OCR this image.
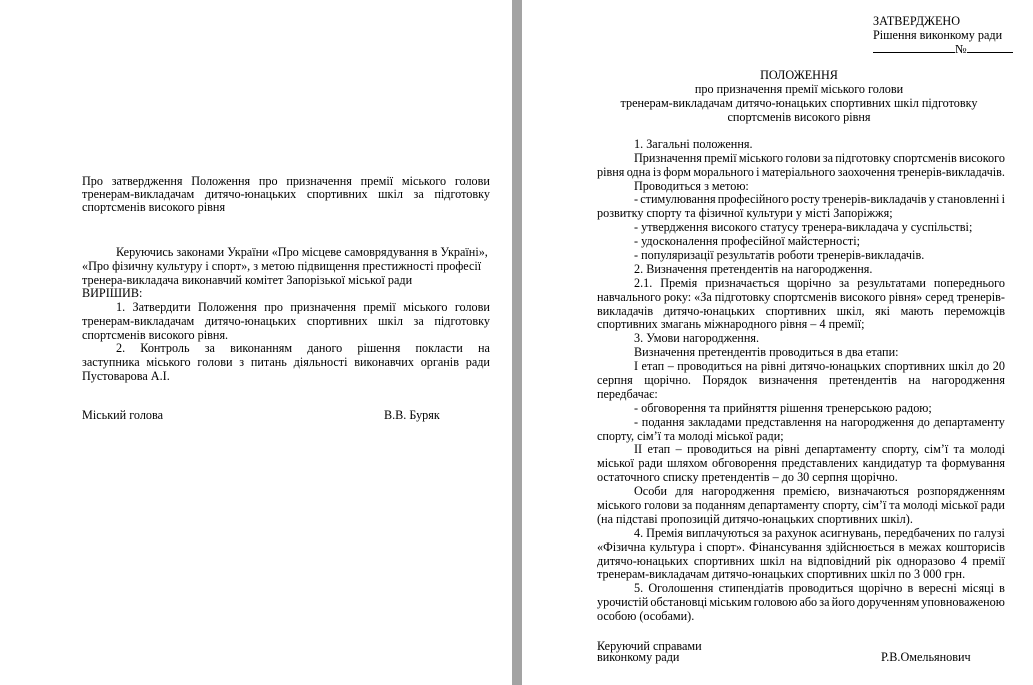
Про затвердження Положення про призначення премії міського голови
тренерам-викладачам дитячо-юнацьких спортивних шкіл за підготовку
спортсменів високого рівня
Керуючись законами України «Про місцеве самоврядування в Україні»,
«Про фізичну культуру і спорт», з метою підвищення престижності професії
тренера-викладача виконавчий комітет Запорізької міської ради
ВИРІШИВ:
1. Затвердити Положення про призначення премії міського голови
тренерам-викладачам дитячо-юнацьких спортивних шкіл за підготовку
спортсменів високого рівня.
2. Контроль за виконанням даного рішення покласти на
заступника міського голови з питань діяльності виконавчих органів ради
Пустоварова А.І.
Міський голова	В.В. Буряк
ЗАТВЕРДЖЕНО
Рішення виконкому ради
№
ПОЛОЖЕННЯ
про призначення премії міського голови
тренерам-викладачам дитячо-юнацьких спортивних шкіл підготовку
спортсменів високого рівня
1. Загальні положення.
Призначення премії міського голови за підготовку спортсменів високого
рівня одна із форм морального і матеріального заохочення тренерів-викладачів.
Проводиться з метою:
- стимулювання професійного росту тренерів-викладачів у становленні і
розвитку спорту та фізичної культури у місті Запоріжжя;
- утвердження високого статусу тренера-викладача у суспільстві;
- удосконалення професійної майстерності;
- популяризації результатів роботи тренерів-викладачів.
2. Визначення претендентів на нагородження.
2.1. Премія призначається щорічно за результатами попереднього
навчального року: «За підготовку спортсменів високого рівня» серед тренерів-
викладачів дитячо-юнацьких спортивних шкіл, які мають переможців
спортивних змагань міжнародного рівня – 4 премії;
3. Умови нагородження.
Визначення претендентів проводиться в два етапи:
І етап – проводиться на рівні дитячо-юнацьких спортивних шкіл до 20
серпня щорічно. Порядок визначення претендентів на нагородження
передбачає:
- обговорення та прийняття рішення тренерською радою;
- подання закладами представлення на нагородження до департаменту
спорту, сім’ї та молоді міської ради;
ІІ етап – проводиться на рівні департаменту спорту, сім’ї та молоді
міської ради шляхом обговорення представлених кандидатур та формування
остаточного списку претендентів – до 30 серпня щорічно.
Особи для нагородження премією, визначаються розпорядженням
міського голови за поданням департаменту спорту, сім’ї та молоді міської ради
(на підставі пропозицій дитячо-юнацьких спортивних шкіл).
4. Премія виплачуються за рахунок асигнувань, передбачених по галузі
«Фізична культура і спорт». Фінансування здійснюється в межах кошторисів
дитячо-юнацьких спортивних шкіл на відповідний рік одноразово 4 премії
тренерам-викладачам дитячо-юнацьких спортивних шкіл по 3 000 грн.
5. Оголошення стипендіатів проводиться щорічно в вересні місяці в
урочистій обстановці міським головою або за його дорученням уповноваженою
особою (особами).
Керуючий справами
виконкому ради	Р.В.Омельянович
